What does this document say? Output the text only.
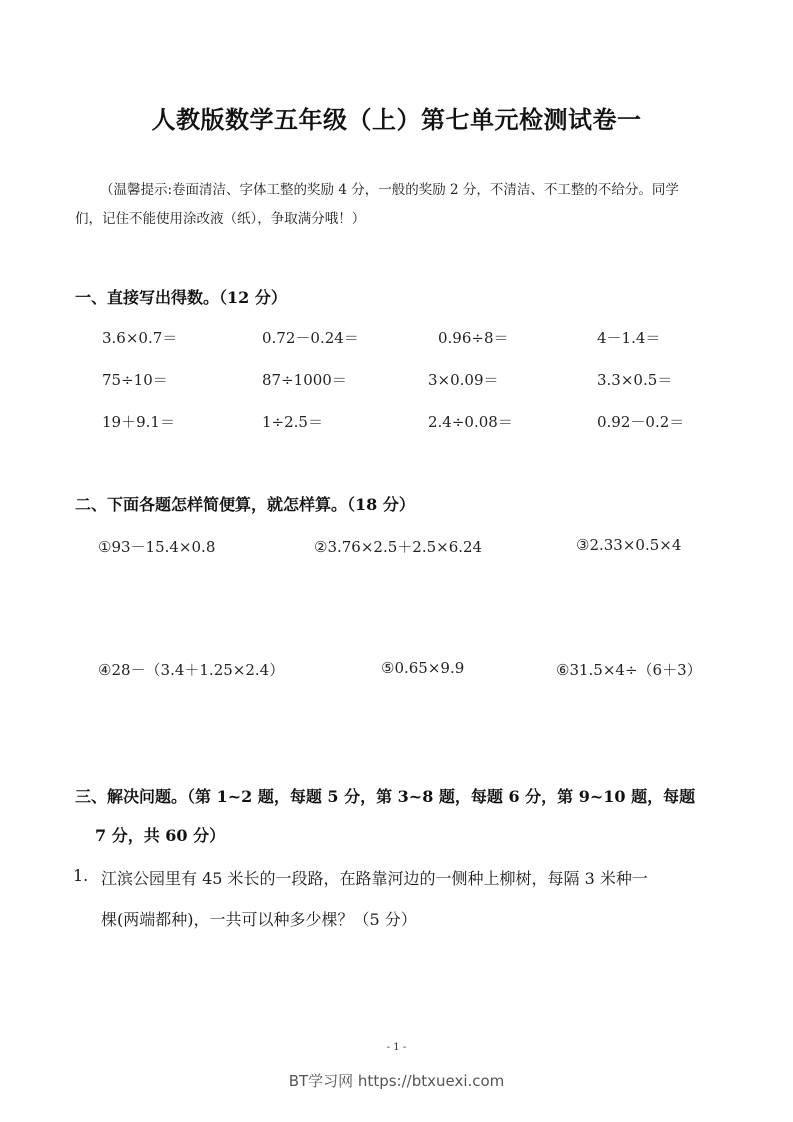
人教版数学五年级（上）第七单元检测试卷一
（温馨提示:卷面清洁、字体工整的奖励 4 分，一般的奖励 2 分，不清洁、不工整的不给分。同学
们，记住不能使用涂改液（纸），争取满分哦！）
一、直接写出得数。（12 分）
3.6×0.7＝	0.72－0.24＝	0.96÷8＝	4－1.4＝
75÷10＝	87÷1000＝	3×0.09＝	3.3×0.5＝
19＋9.1＝	1÷2.5＝	2.4÷0.08＝	0.92－0.2＝
二、下面各题怎样简便算，就怎样算。（18 分）
①93－15.4×0.8	②3.76×2.5＋2.5×6.24	③2.33×0.5×4
④28－（3.4＋1.25×2.4）	⑤0.65×9.9	⑥31.5×4÷（6＋3）
三、解决问题。（第 1~2 题，每题 5 分，第 3~8 题，每题 6 分，第 9~10 题，每题
7 分，共 60 分）
1. 江滨公园里有 45 米长的一段路，在路靠河边的一侧种上柳树，每隔 3 米种一
棵(两端都种)，一共可以种多少棵？（5 分）
- 1 -
BT学习网 https://btxuexi.com
